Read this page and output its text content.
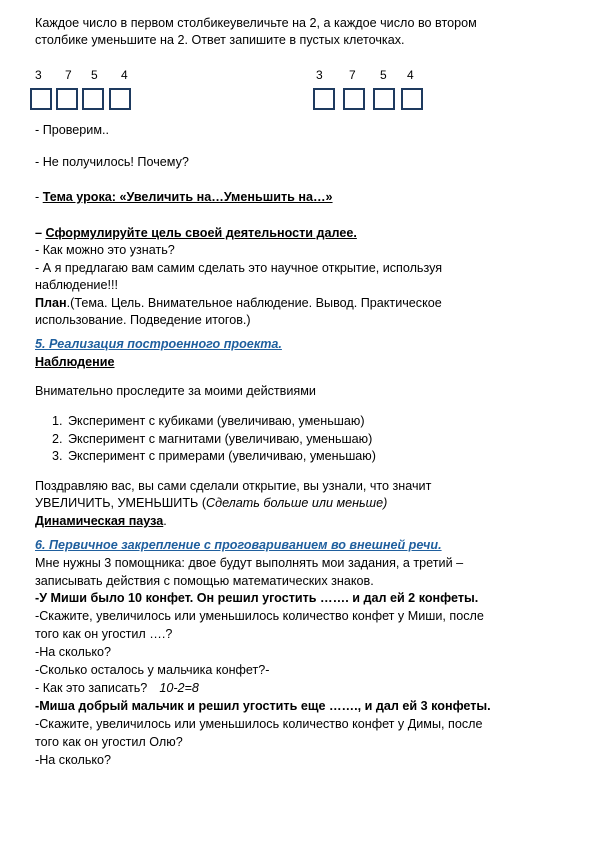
Каждое число в первом столбикеувеличьте на 2, а каждое число во втором
столбике уменьшите на 2. Ответ запишите в пустых клеточках.
3 7 5 4	3 7 5 4
- Проверим..
- Не получилось! Почему?
- Тема урока: «Увеличить на…Уменьшить на…»
– Сформулируйте цель своей деятельности далее.
- Как можно это узнать?
- А я предлагаю вам самим сделать это научное открытие, используя
наблюдение!!!
План.(Тема. Цель. Внимательное наблюдение. Вывод. Практическое
использование. Подведение итогов.)
5. Реализация построенного проекта.
Наблюдение
Внимательно проследите за моими действиями
1. Эксперимент с кубиками (увеличиваю, уменьшаю)
2. Эксперимент с магнитами (увеличиваю, уменьшаю)
3. Эксперимент с примерами (увеличиваю, уменьшаю)
Поздравляю вас, вы сами сделали открытие, вы узнали, что значит
УВЕЛИЧИТЬ, УМЕНЬШИТЬ (Сделать больше или меньше)
Динамическая пауза.
6. Первичное закрепление с проговариванием во внешней речи.
Мне нужны 3 помощника: двое будут выполнять мои задания, а третий –
записывать действия с помощью математических знаков.
-У Миши было 10 конфет. Он решил угостить ……. и дал ей 2 конфеты.
-Скажите, увеличилось или уменьшилось количество конфет у Миши, после
того как он угостил ….?
-На сколько?
-Сколько осталось у мальчика конфет?-
- Как это записать? 10-2=8
-Миша добрый мальчик и решил угостить еще ……., и дал ей 3 конфеты.
-Скажите, увеличилось или уменьшилось количество конфет у Димы, после
того как он угостил Олю?
-На сколько?
